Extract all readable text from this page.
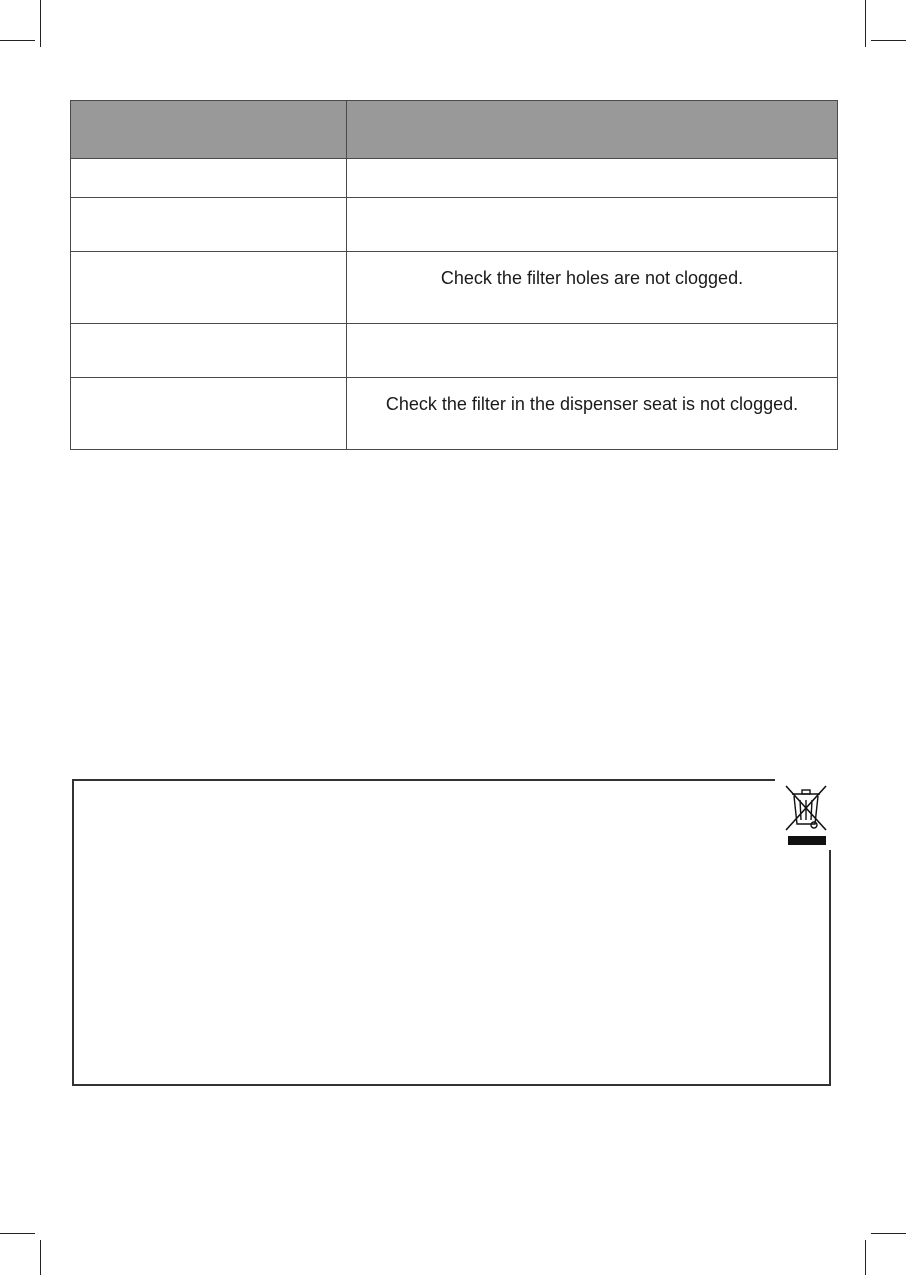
	Check the filter holes are not clogged.

	Check the filter in the dispenser seat is not clogged.
